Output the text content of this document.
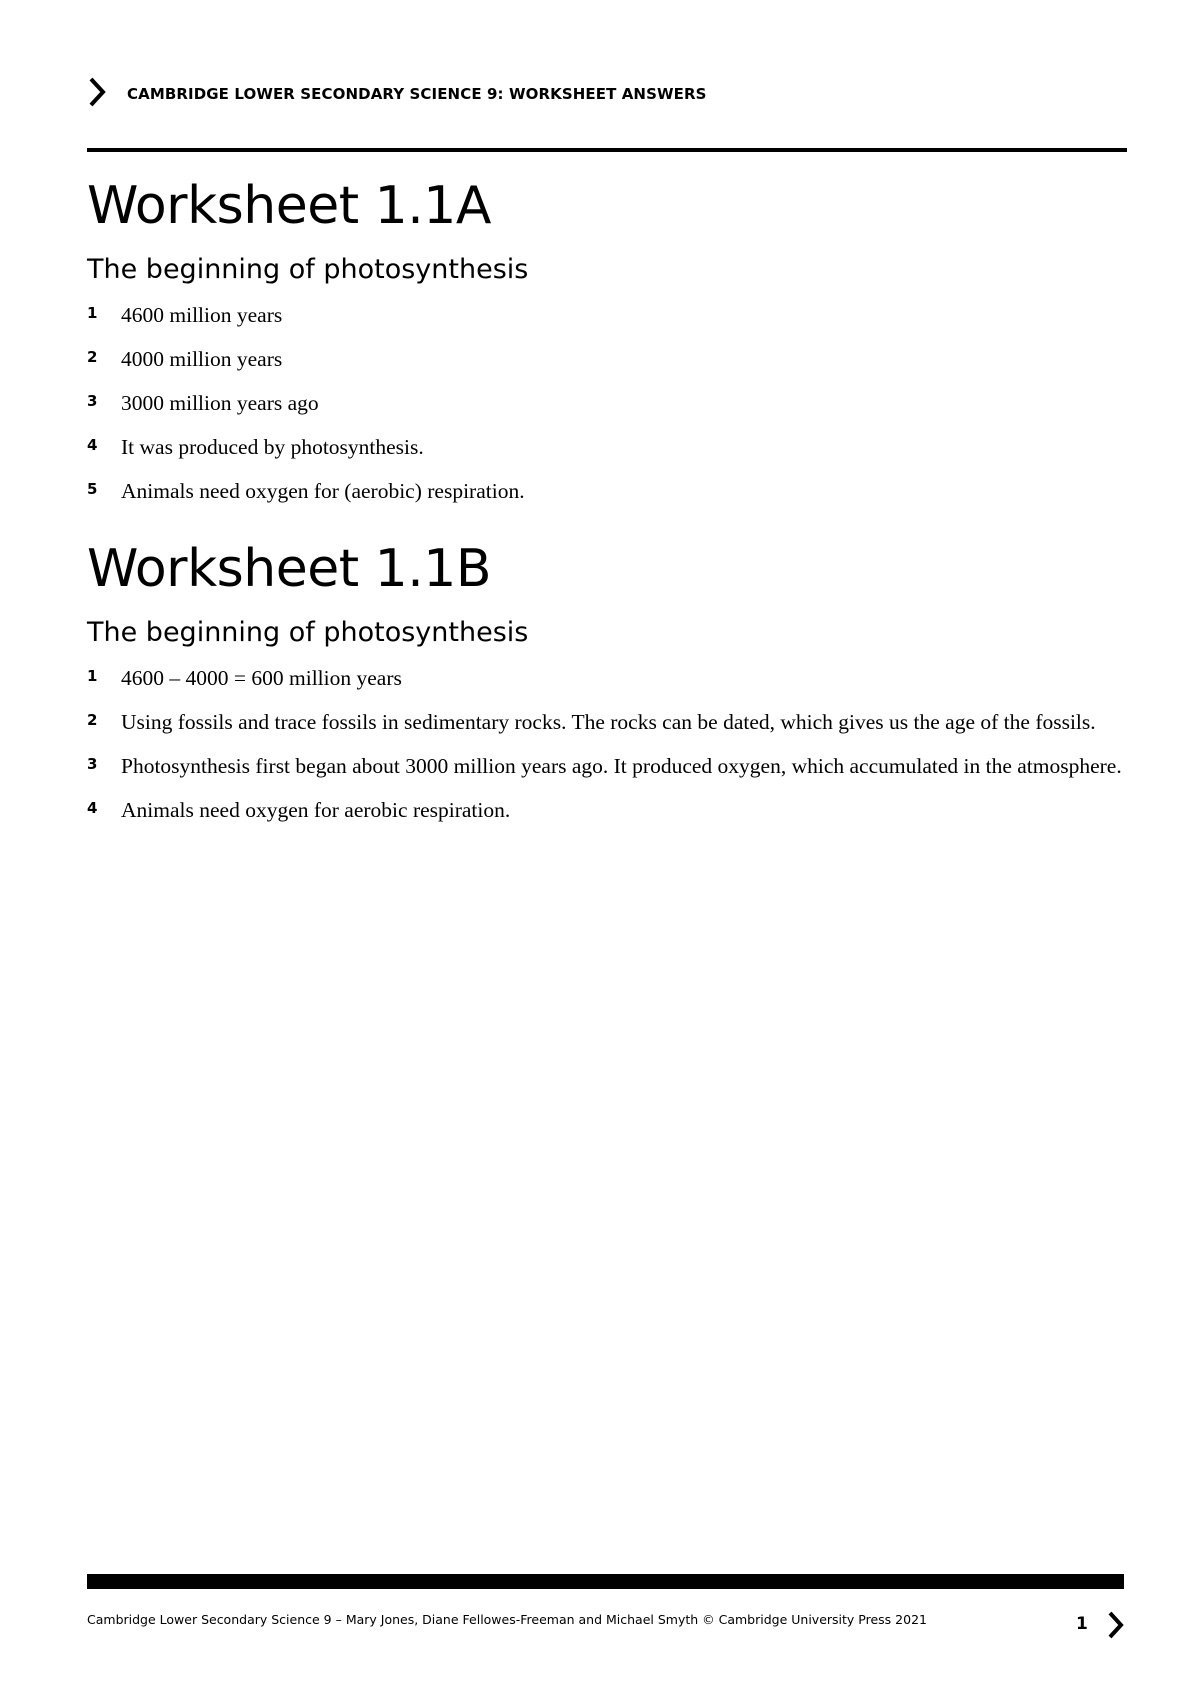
CAMBRIDGE LOWER SECONDARY SCIENCE 9: WORKSHEET ANSWERS
Worksheet 1.1A
The beginning of photosynthesis
1 4600 million years
2 4000 million years
3 3000 million years ago
4 It was produced by photosynthesis.
5 Animals need oxygen for (aerobic) respiration.
Worksheet 1.1B
The beginning of photosynthesis
1 4600 – 4000 = 600 million years
2 Using fossils and trace fossils in sedimentary rocks. The rocks can be dated, which gives us the age of the fossils.
3 Photosynthesis first began about 3000 million years ago. It produced oxygen, which accumulated in the atmosphere.
4 Animals need oxygen for aerobic respiration.
Cambridge Lower Secondary Science 9 – Mary Jones, Diane Fellowes-Freeman and Michael Smyth © Cambridge University Press 2021	1
